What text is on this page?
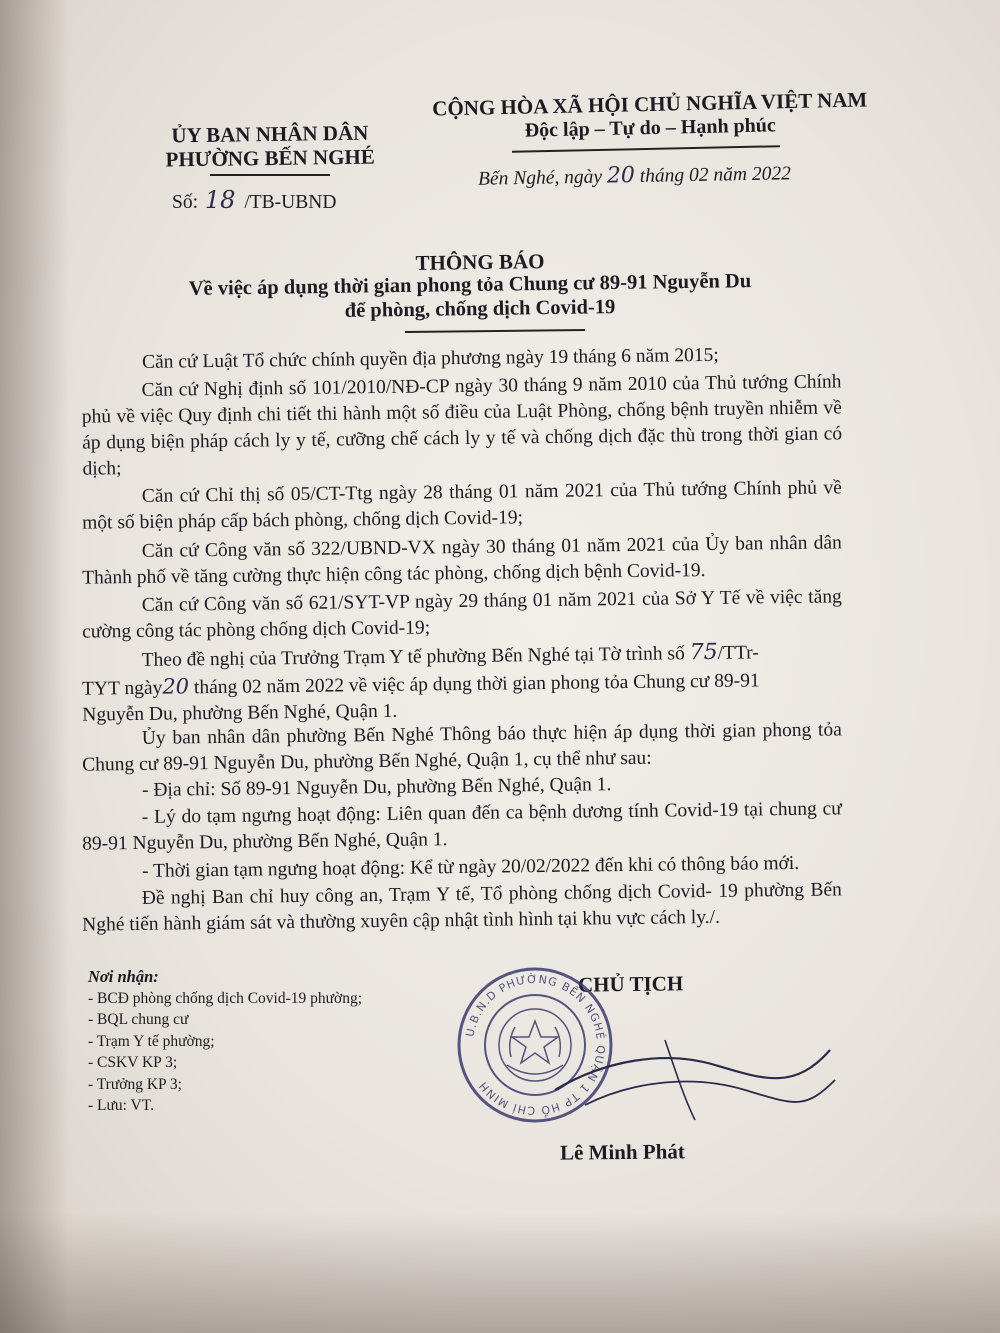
ỦY BAN NHÂN DÂN
PHƯỜNG BẾN NGHÉ
Số: 18 /TB-UBND
CỘNG HÒA XÃ HỘI CHỦ NGHĨA VIỆT NAM
Độc lập – Tự do – Hạnh phúc
Bến Nghé, ngày 20 tháng 02 năm 2022
THÔNG BÁO
Về việc áp dụng thời gian phong tỏa Chung cư 89-91 Nguyễn Du
để phòng, chống dịch Covid-19
Căn cứ Luật Tổ chức chính quyền địa phương ngày 19 tháng 6 năm 2015;
Căn cứ Nghị định số 101/2010/NĐ-CP ngày 30 tháng 9 năm 2010 của Thủ tướng Chính phủ về việc Quy định chi tiết thi hành một số điều của Luật Phòng, chống bệnh truyền nhiễm về áp dụng biện pháp cách ly y tế, cưỡng chế cách ly y tế và chống dịch đặc thù trong thời gian có dịch;
Căn cứ Chỉ thị số 05/CT-Ttg ngày 28 tháng 01 năm 2021 của Thủ tướng Chính phủ về một số biện pháp cấp bách phòng, chống dịch Covid-19;
Căn cứ Công văn số 322/UBND-VX ngày 30 tháng 01 năm 2021 của Ủy ban nhân dân Thành phố về tăng cường thực hiện công tác phòng, chống dịch bệnh Covid-19.
Căn cứ Công văn số 621/SYT-VP ngày 29 tháng 01 năm 2021 của Sở Y Tế về việc tăng cường công tác phòng chống dịch Covid-19;
Theo đề nghị của Trưởng Trạm Y tế phường Bến Nghé tại Tờ trình số 75/TTr-
TYT ngày20 tháng 02 năm 2022 về việc áp dụng thời gian phong tỏa Chung cư 89-91
Nguyễn Du, phường Bến Nghé, Quận 1.
Ủy ban nhân dân phường Bến Nghé Thông báo thực hiện áp dụng thời gian phong tỏa Chung cư 89-91 Nguyễn Du, phường Bến Nghé, Quận 1, cụ thể như sau:
- Địa chỉ: Số 89-91 Nguyễn Du, phường Bến Nghé, Quận 1.
- Lý do tạm ngưng hoạt động: Liên quan đến ca bệnh dương tính Covid-19 tại chung cư 89-91 Nguyễn Du, phường Bến Nghé, Quận 1.
- Thời gian tạm ngưng hoạt động: Kể từ ngày 20/02/2022 đến khi có thông báo mới.
Đề nghị Ban chỉ huy công an, Trạm Y tế, Tổ phòng chống dịch Covid- 19 phường Bến Nghé tiến hành giám sát và thường xuyên cập nhật tình hình tại khu vực cách ly./.
Nơi nhận:
- BCĐ phòng chống dịch Covid-19 phường;
- BQL chung cư
- Trạm Y tế phường;
- CSKV KP 3;
- Trưởng KP 3;
- Lưu: VT.
CHỦ TỊCH
U.B.N.D PHƯỜNG BẾN NGHÉ QUẬN 1 TP HỒ CHÍ MINH
Lê Minh Phát
